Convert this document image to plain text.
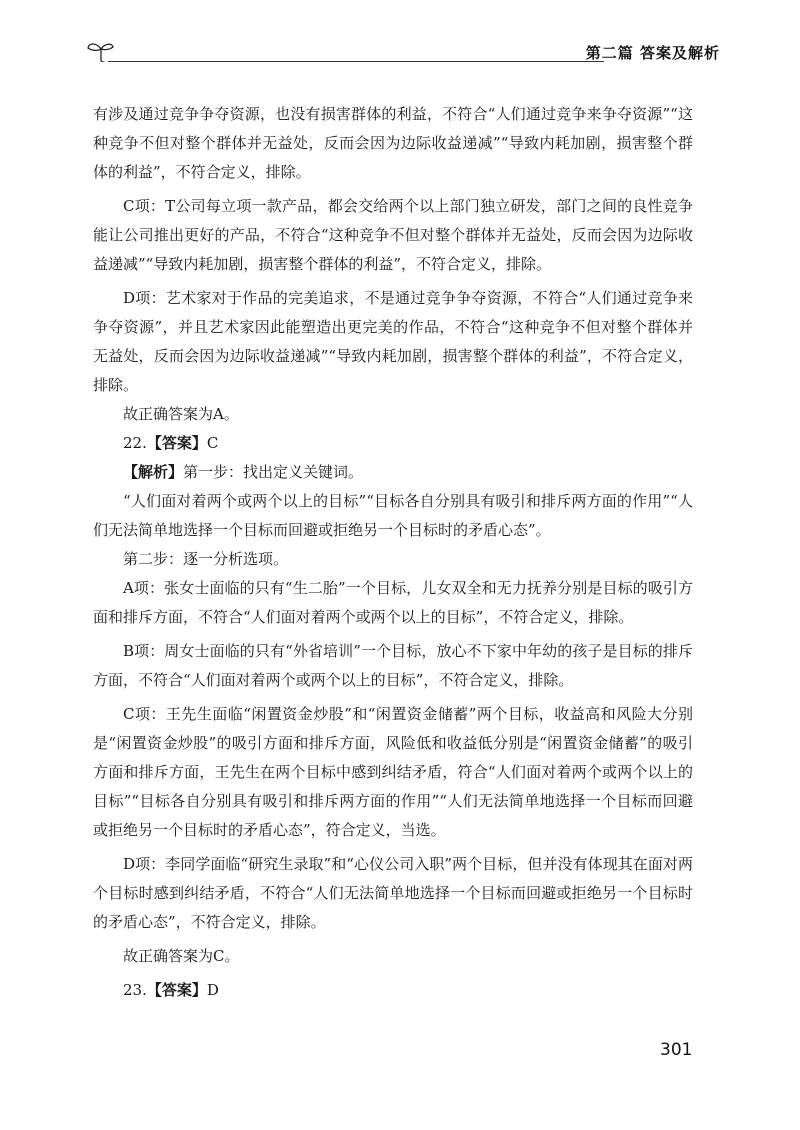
第二篇 答案及解析

有涉及通过竞争争夺资源，也没有损害群体的利益，不符合“人们通过竞争来争夺资源”“这种竞争不但对整个群体并无益处，反而会因为边际收益递减”“导致内耗加剧，损害整个群体的利益”，不符合定义，排除。

C项：T公司每立项一款产品，都会交给两个以上部门独立研发，部门之间的良性竞争能让公司推出更好的产品，不符合“这种竞争不但对整个群体并无益处，反而会因为边际收益递减”“导致内耗加剧，损害整个群体的利益”，不符合定义，排除。

D项：艺术家对于作品的完美追求，不是通过竞争争夺资源，不符合“人们通过竞争来争夺资源”，并且艺术家因此能塑造出更完美的作品，不符合“这种竞争不但对整个群体并无益处，反而会因为边际收益递减”“导致内耗加剧，损害整个群体的利益”，不符合定义，排除。

故正确答案为A。

22.【答案】C

【解析】第一步：找出定义关键词。

“人们面对着两个或两个以上的目标”“目标各自分别具有吸引和排斥两方面的作用”“人们无法简单地选择一个目标而回避或拒绝另一个目标时的矛盾心态”。

第二步：逐一分析选项。

A项：张女士面临的只有“生二胎”一个目标，儿女双全和无力抚养分别是目标的吸引方面和排斥方面，不符合“人们面对着两个或两个以上的目标”，不符合定义，排除。

B项：周女士面临的只有“外省培训”一个目标，放心不下家中年幼的孩子是目标的排斥方面，不符合“人们面对着两个或两个以上的目标”，不符合定义，排除。

C项：王先生面临“闲置资金炒股”和“闲置资金储蓄”两个目标，收益高和风险大分别是“闲置资金炒股”的吸引方面和排斥方面，风险低和收益低分别是“闲置资金储蓄”的吸引方面和排斥方面，王先生在两个目标中感到纠结矛盾，符合“人们面对着两个或两个以上的目标”“目标各自分别具有吸引和排斥两方面的作用”“人们无法简单地选择一个目标而回避或拒绝另一个目标时的矛盾心态”，符合定义，当选。

D项：李同学面临“研究生录取”和“心仪公司入职”两个目标，但并没有体现其在面对两个目标时感到纠结矛盾，不符合“人们无法简单地选择一个目标而回避或拒绝另一个目标时的矛盾心态”，不符合定义，排除。

故正确答案为C。

23.【答案】D

301
